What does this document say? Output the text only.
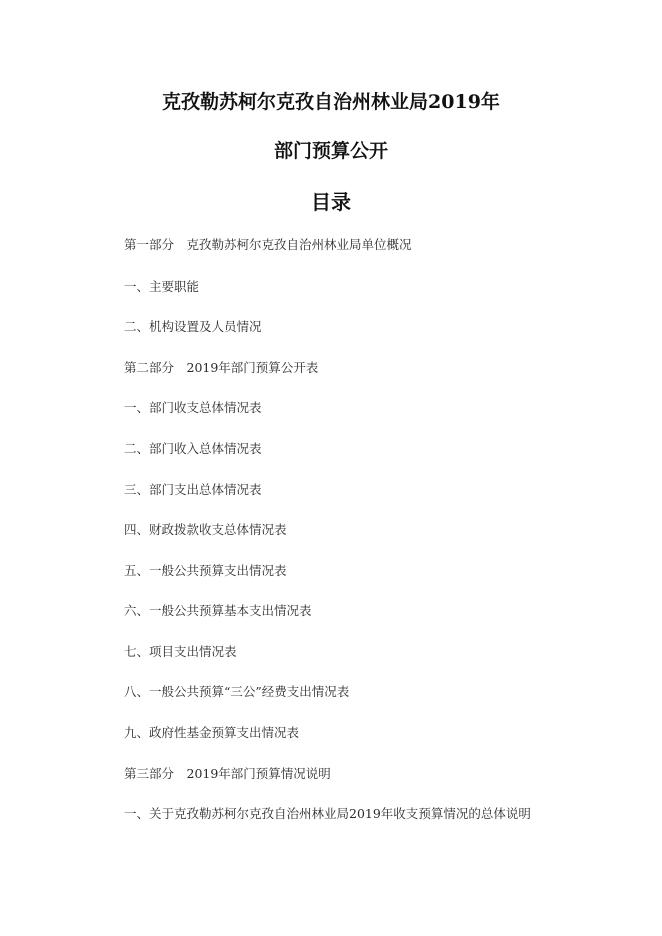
克孜勒苏柯尔克孜自治州林业局2019年
部门预算公开
目录
第一部分　克孜勒苏柯尔克孜自治州林业局单位概况
一、主要职能
二、机构设置及人员情况
第二部分　2019年部门预算公开表
一、部门收支总体情况表
二、部门收入总体情况表
三、部门支出总体情况表
四、财政拨款收支总体情况表
五、一般公共预算支出情况表
六、一般公共预算基本支出情况表
七、项目支出情况表
八、一般公共预算“三公”经费支出情况表
九、政府性基金预算支出情况表
第三部分　2019年部门预算情况说明
一、关于克孜勒苏柯尔克孜自治州林业局2019年收支预算情况的总体说明
